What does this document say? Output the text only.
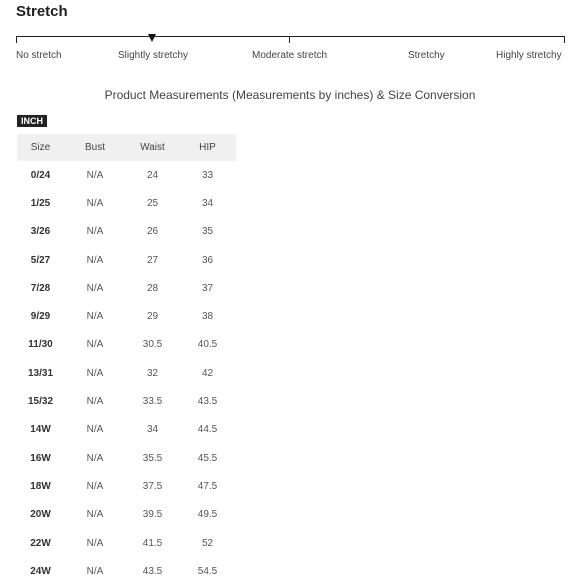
Stretch
No stretch	Slightly stretchy	Moderate stretch	Stretchy	Highly stretchy
Product Measurements (Measurements by inches) & Size Conversion
INCH
Size	Bust	Waist	HIP
0/24	N/A	24	33
1/25	N/A	25	34
3/26	N/A	26	35
5/27	N/A	27	36
7/28	N/A	28	37
9/29	N/A	29	38
11/30	N/A	30.5	40.5
13/31	N/A	32	42
15/32	N/A	33.5	43.5
14W	N/A	34	44.5
16W	N/A	35.5	45.5
18W	N/A	37.5	47.5
20W	N/A	39.5	49.5
22W	N/A	41.5	52
24W	N/A	43.5	54.5
